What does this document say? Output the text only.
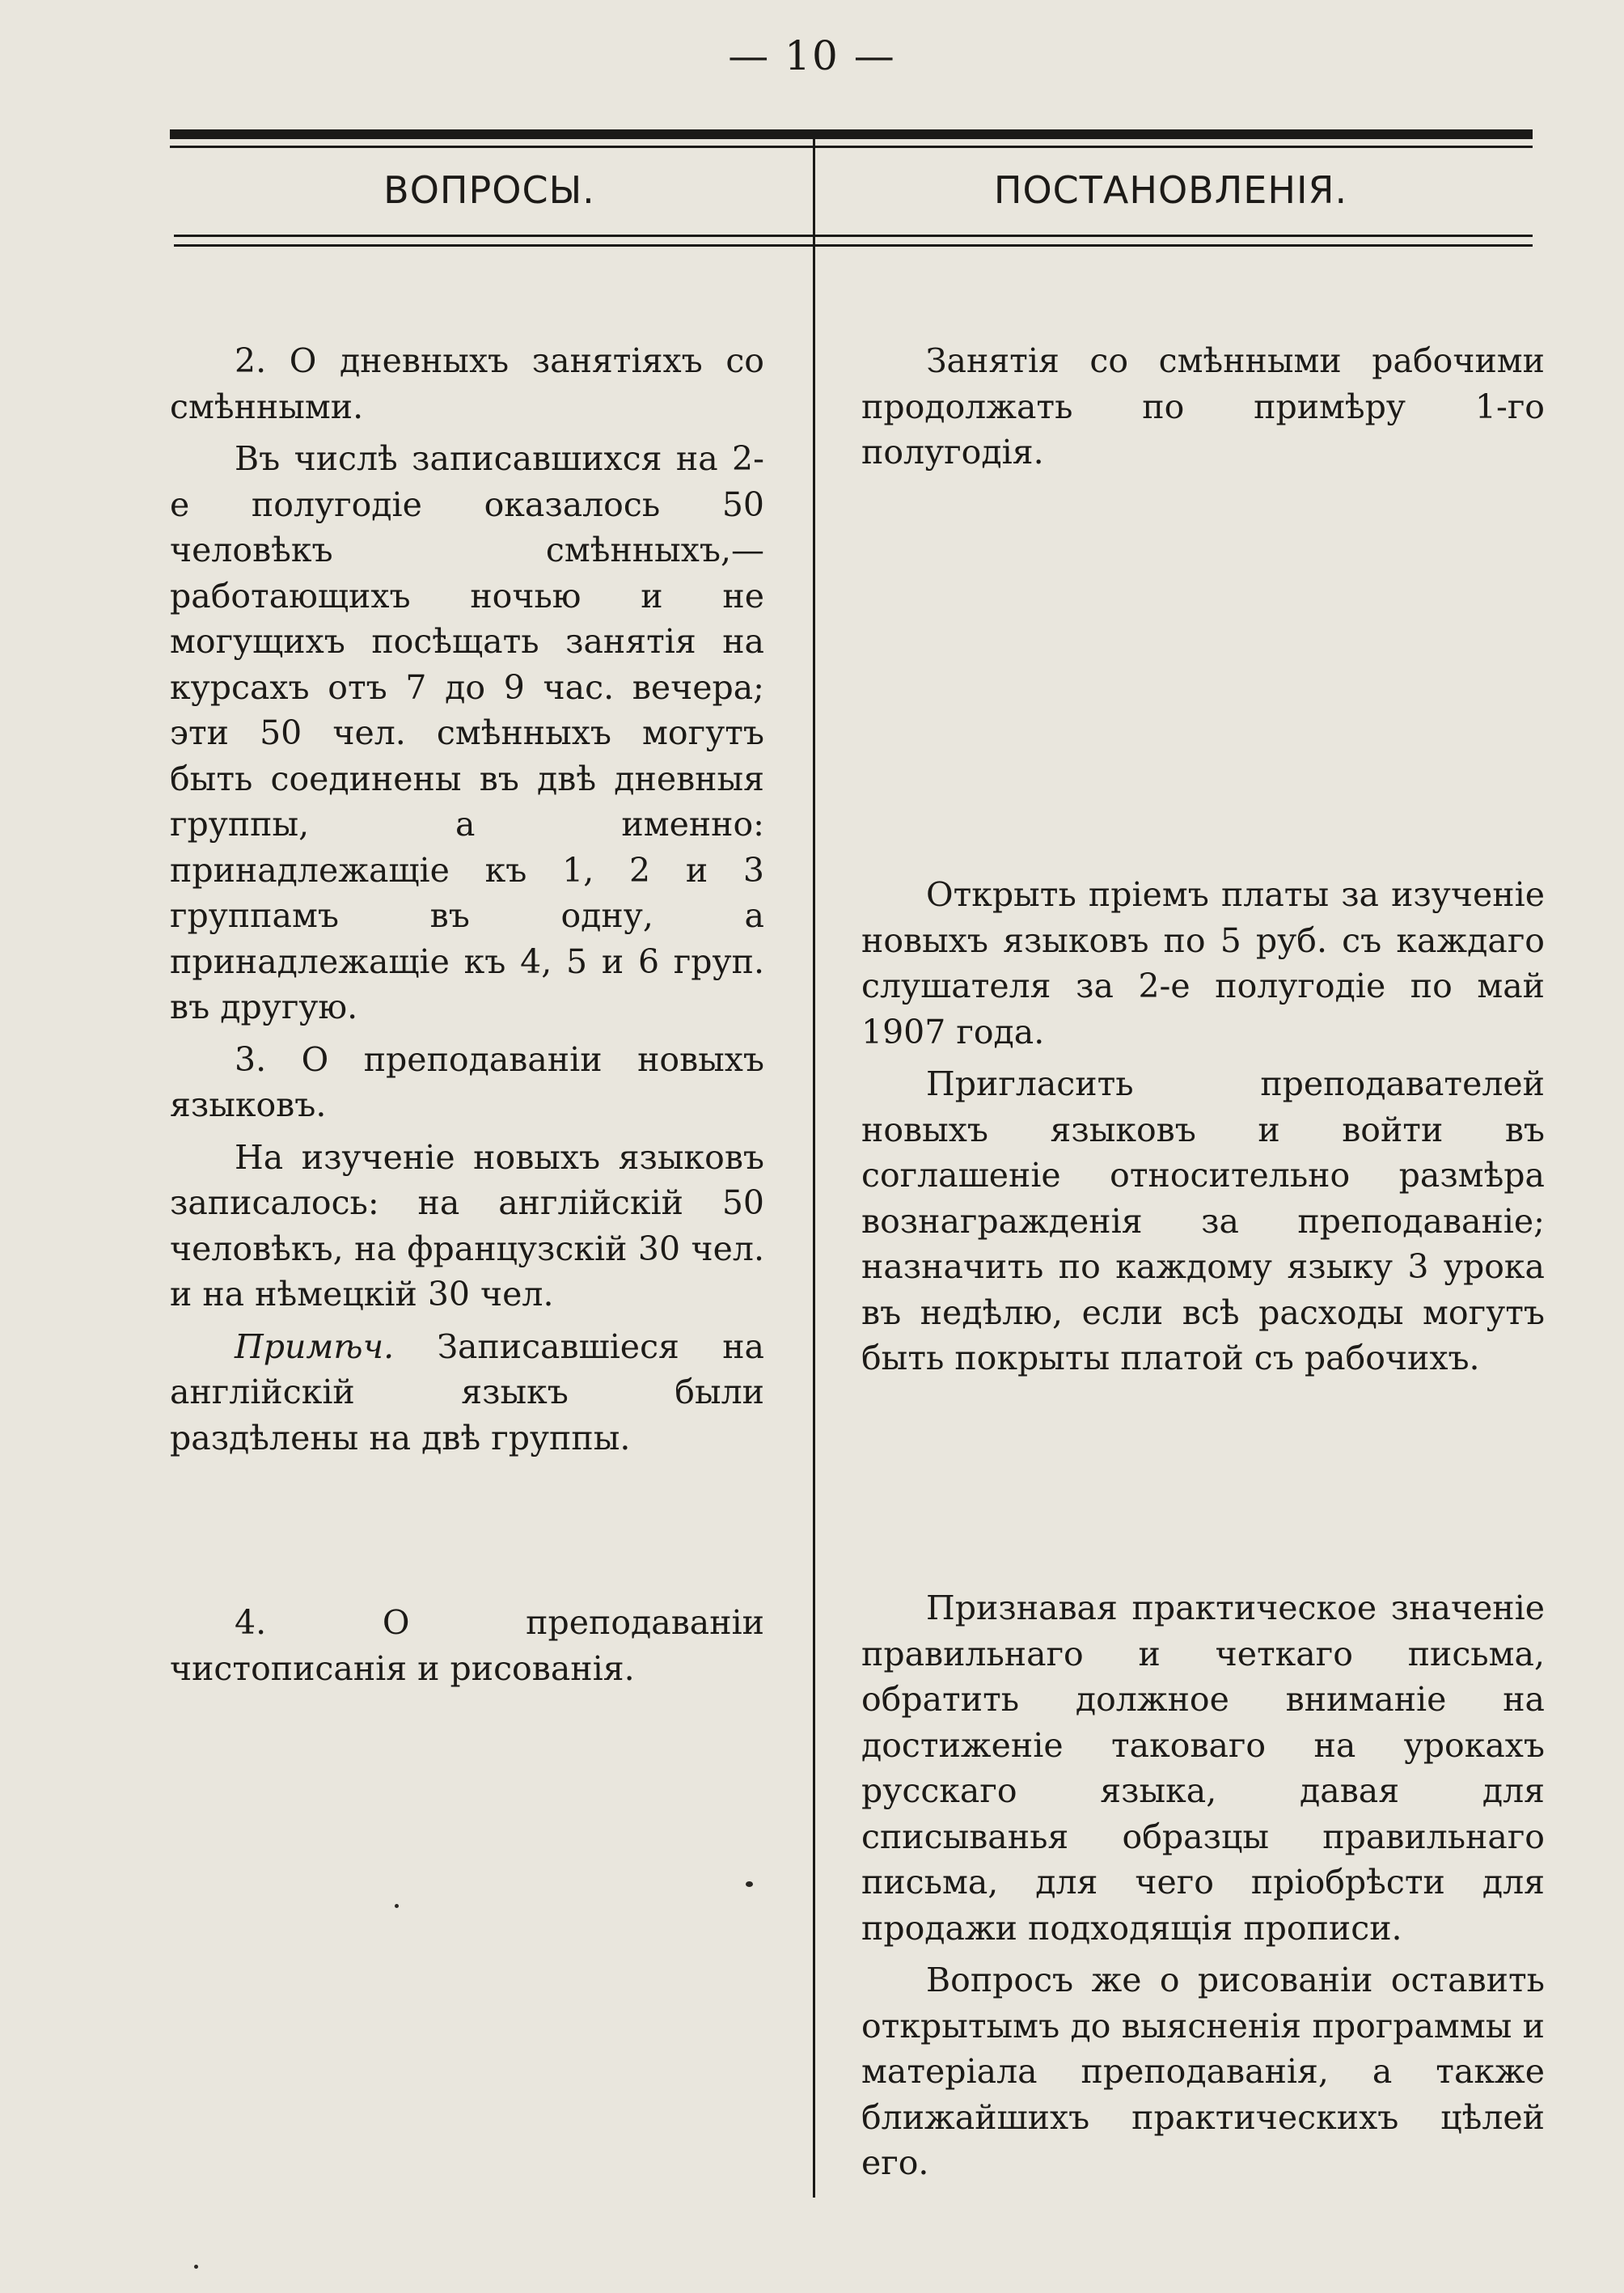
— 10 —
ВОПРОСЫ.	ПОСТАНОВЛЕНІЯ.

2. О дневныхъ занятіяхъ со смѣнными.

Въ числѣ записавшихся на 2-е полугодіе оказалось 50 человѣкъ смѣнныхъ,—работающихъ ночью и не могущихъ посѣщать занятія на курсахъ отъ 7 до 9 час. вечера; эти 50 чел. смѣнныхъ могутъ быть соединены въ двѣ дневныя группы, а именно: принадлежащіе къ 1, 2 и 3 группамъ въ одну, а принадлежащіе къ 4, 5 и 6 груп. въ другую.

3. О преподаваніи новыхъ языковъ.

На изученіе новыхъ языковъ записалось: на англійскій 50 человѣкъ, на французскій 30 чел. и на нѣмецкій 30 чел.

Примѣч. Записавшіеся на англійскій языкъ были раздѣлены на двѣ группы.

4. О преподаваніи чистописанія и рисованія.

Занятія со смѣнными рабочими продолжать по примѣру 1-го полугодія.

Открыть пріемъ платы за изученіе новыхъ языковъ по 5 руб. съ каждаго слушателя за 2-е полугодіе по май 1907 года.

Пригласить преподавателей новыхъ языковъ и войти въ соглашеніе относительно размѣра вознагражденія за преподаваніе; назначить по каждому языку 3 урока въ недѣлю, если всѣ расходы могутъ быть покрыты платой съ рабочихъ.

Признавая практическое значеніе правильнаго и четкаго письма, обратить должное вниманіе на достиженіе таковаго на урокахъ русскаго языка, давая для списыванья образцы правильнаго письма, для чего пріобрѣсти для продажи подходящія прописи.

Вопросъ же о рисованіи оставить открытымъ до выясненія программы и матеріала преподаванія, а также ближайшихъ практическихъ цѣлей его.
